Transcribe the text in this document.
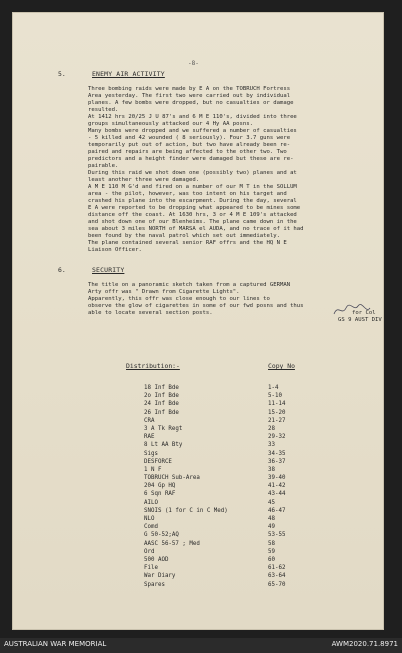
-8-
5.	ENEMY AIR ACTIVITY
Three bombing raids were made by E A on the TOBRUCH Fortress
Area yesterday. The first two were carried out by individual
planes. A few bombs were dropped, but no casualties or damage
resulted.
At 1412 hrs 20/25 J U 87's and 6 M E 110's, divided into three
groups simultaneously attacked our 4 Hy AA posns.
Many bombs were dropped and we suffered a number of casualties
- 5 killed and 42 wounded ( 8 seriously). Four 3.7 guns were
temporarily put out of action, but two have already been re-
paired and repairs are being affected to the other two. Two
predictors and a height finder were damaged but these are re-
pairable.
During this raid we shot down one (possibly two) planes and at
least another three were damaged.
A M E 110 M G'd and fired on a number of our M T in the SOLLUM
area - the pilot, however, was too intent on his target and
crashed his plane into the escarpment. During the day, several
E A were reported to be dropping what appeared to be mines some
distance off the coast. At 1630 hrs, 3 or 4 M E 109's attacked
and shot down one of our Blenheims. The plane came down in the
sea about 3 miles NORTH of MARSA el AUDA, and no trace of it had
been found by the naval patrol which set out immediately.
The plane contained several senior RAF offrs and the HQ N E
Liaison Officer.
6.	SECURITY
The title on a panoramic sketch taken from a captured GERMAN
Arty offr was " Drawn from Cigarette Lights".
Apparently, this offr was close enough to our lines to
observe the glow of cigarettes in some of our fwd posns and thus
able to locate several section posts.	for Col
GS 9 AUST DIV
Distribution:-	Copy No
18 Inf Bde	1-4
2o Inf Bde	5-10
24 Inf Bde	11-14
26 Inf Bde	15-20
CRA	21-27
3 A Tk Regt	28
RAE	29-32
8 Lt AA Bty	33
Sigs	34-35
DESFORCE	36-37
1 N F	38
TOBRUCH Sub-Area	39-40
204 Gp HQ	41-42
6 Sqn RAF	43-44
AILO	45
SNOIS (1 for C in C Med)	46-47
NLO	48
Comd	49
G 50-52;AQ	53-55
AASC 56-57 ; Med	58
Ord	59
500 AOD	60
File	61-62
War Diary	63-64
Spares	65-70
AUSTRALIAN WAR MEMORIAL	AWM2020.71.8971
